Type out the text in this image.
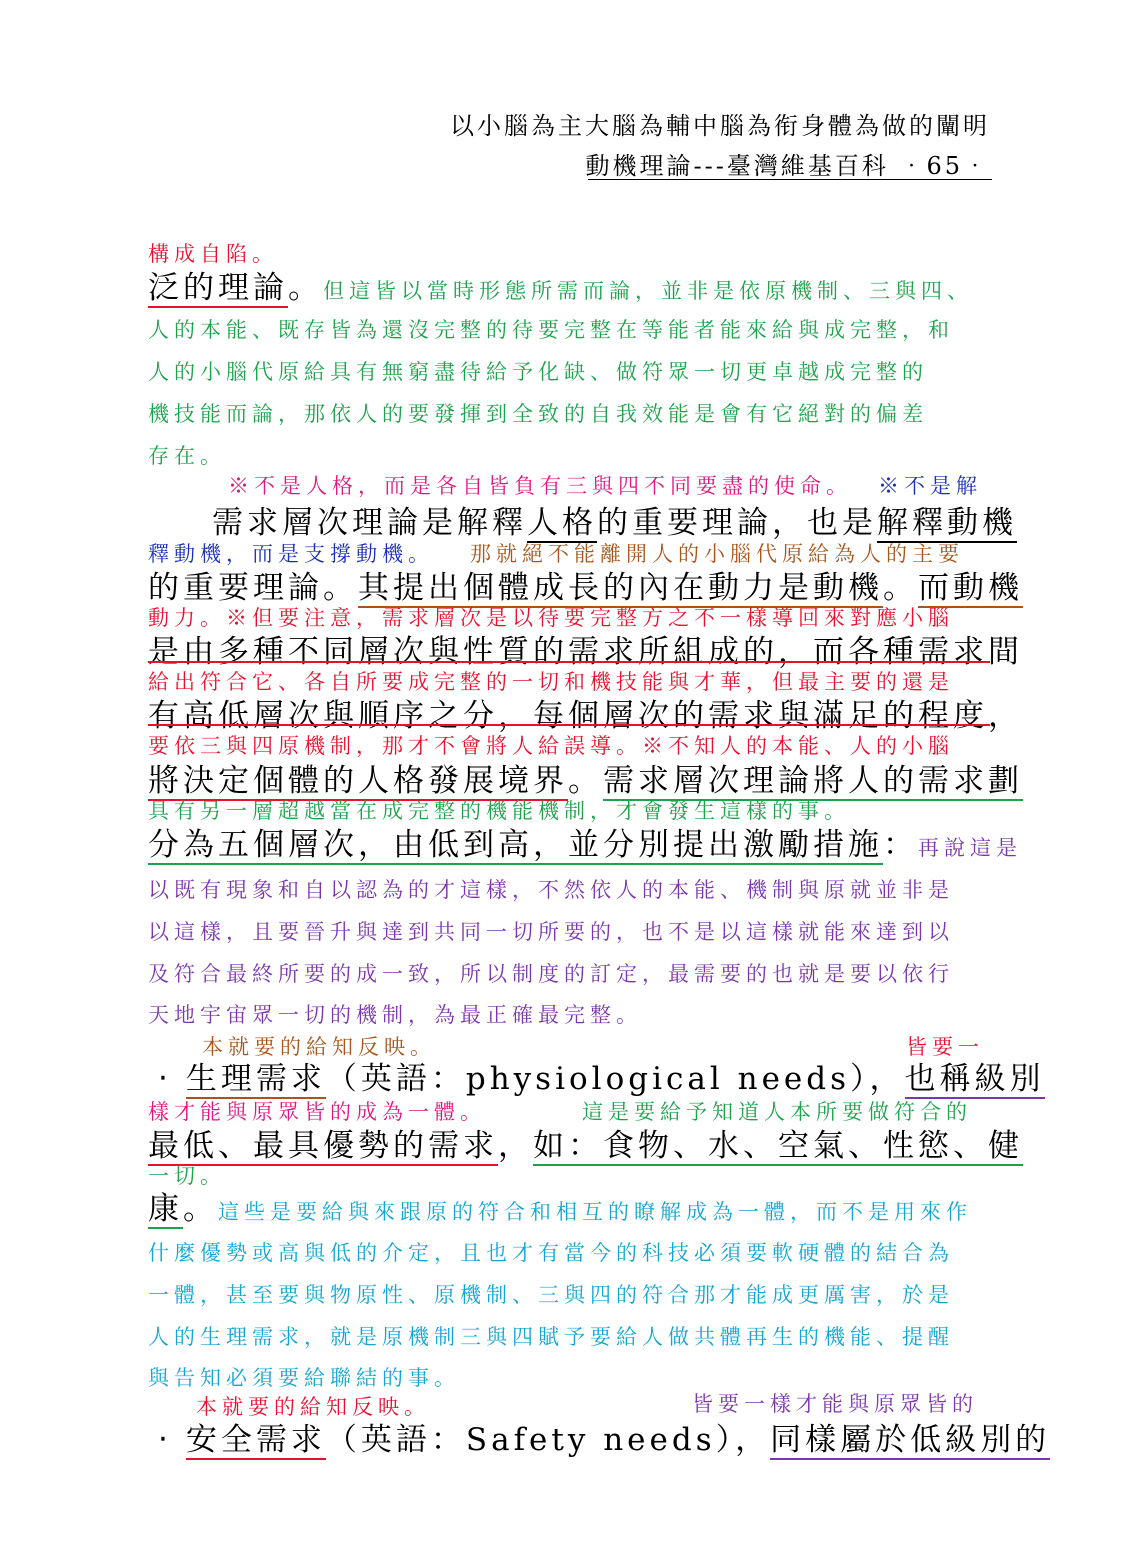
以小腦為主大腦為輔中腦為衔身體為做的闡明
動機理論---臺灣維基百科 ‧65‧
構成自陷。
泛的理論。但這皆以當時形態所需而論，並非是依原機制、三與四、
人的本能、既存皆為還沒完整的待要完整在等能者能來給與成完整，和
人的小腦代原給具有無窮盡待給予化缺、做符眾一切更卓越成完整的
機技能而論，那依人的要發揮到全致的自我效能是會有它絕對的偏差
存在。
※不是人格，而是各自皆負有三與四不同要盡的使命。 ※不是解
需求層次理論是解釋人格的重要理論，也是解釋動機
釋動機，而是支撐動機。 那就絕不能離開人的小腦代原給為人的主要
的重要理論。其提出個體成長的內在動力是動機。而動機
動力。※但要注意，需求層次是以待要完整方之不一樣導回來對應小腦
是由多種不同層次與性質的需求所組成的，而各種需求間
給出符合它、各自所要成完整的一切和機技能與才華，但最主要的還是
有高低層次與順序之分，每個層次的需求與滿足的程度，
要依三與四原機制，那才不會將人給誤導。※不知人的本能、人的小腦
將決定個體的人格發展境界。需求層次理論將人的需求劃
具有另一層超越當在成完整的機能機制，才會發生這樣的事。
分為五個層次，由低到高，並分別提出激勵措施：再說這是
以既有現象和自以認為的才這樣，不然依人的本能、機制與原就並非是
以這樣，且要晉升與達到共同一切所要的，也不是以這樣就能來達到以
及符合最終所要的成一致，所以制度的訂定，最需要的也就是要以依行
天地宇宙眾一切的機制，為最正確最完整。
本就要的給知反映。	皆要一
‧ 生理需求（英語：physiological needs），也稱級別
樣才能與原眾皆的成為一體。	這是要給予知道人本所要做符合的
最低、最具優勢的需求，如：食物、水、空氣、性慾、健
一切。
康。這些是要給與來跟原的符合和相互的瞭解成為一體，而不是用來作
什麼優勢或高與低的介定，且也才有當今的科技必須要軟硬體的結合為
一體，甚至要與物原性、原機制、三與四的符合那才能成更厲害，於是
人的生理需求，就是原機制三與四賦予要給人做共體再生的機能、提醒
與告知必須要給聯結的事。
本就要的給知反映。	皆要一樣才能與原眾皆的
‧ 安全需求（英語：Safety needs），同樣屬於低級別的
